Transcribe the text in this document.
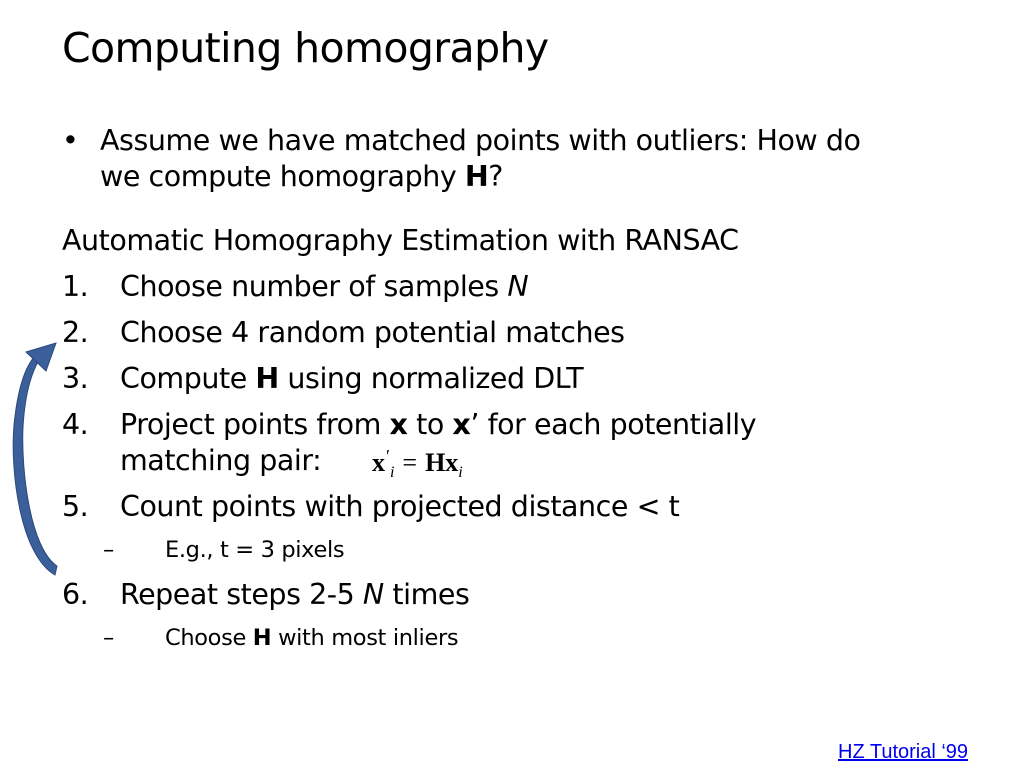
Computing homography
• Assume we have matched points with outliers: How do
we compute homography H?
Automatic Homography Estimation with RANSAC
1. Choose number of samples N
2. Choose 4 random potential matches
3. Compute H using normalized DLT
4. Project points from x to x’ for each potentially
matching pair: $x'_i = Hx_i$
5. Count points with projected distance < t
– E.g., t = 3 pixels
6. Repeat steps 2-5 N times
– Choose H with most inliers
HZ Tutorial ‘99
